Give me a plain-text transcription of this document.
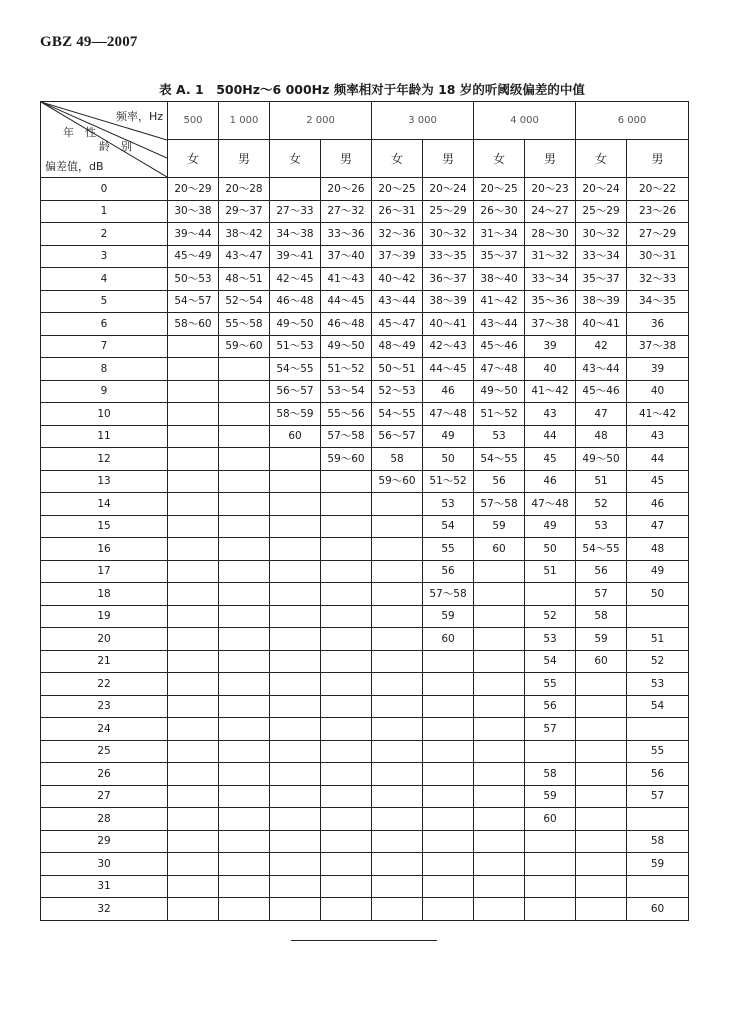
GBZ 49—2007
表 A. 1　500Hz～6 000Hz 频率相对于年龄为 18 岁的听阈级偏差的中值
频率，Hz
年　性
龄　别
偏差值，dB	500	1 000	2 000		3 000		4 000		6 000	
	女	男	女	男	女	男	女	男	女	男
0	20～29	20～28		20～26	20～25	20～24	20～25	20～23	20～24	20～22
1	30～38	29～37	27～33	27～32	26～31	25～29	26～30	24～27	25～29	23～26
2	39～44	38～42	34～38	33～36	32～36	30～32	31～34	28～30	30～32	27～29
3	45～49	43～47	39～41	37～40	37～39	33～35	35～37	31～32	33～34	30～31
4	50～53	48～51	42～45	41～43	40～42	36～37	38～40	33～34	35～37	32～33
5	54～57	52～54	46～48	44～45	43～44	38～39	41～42	35～36	38～39	34～35
6	58～60	55～58	49～50	46～48	45～47	40～41	43～44	37～38	40～41	36
7		59～60	51～53	49～50	48～49	42～43	45～46	39	42	37～38
8			54～55	51～52	50～51	44～45	47～48	40	43～44	39
9			56～57	53～54	52～53	46	49～50	41～42	45～46	40
10			58～59	55～56	54～55	47～48	51～52	43	47	41～42
11			60	57～58	56～57	49	53	44	48	43
12				59～60	58	50	54～55	45	49～50	44
13					59～60	51～52	56	46	51	45
14						53	57～58	47～48	52	46
15						54	59	49	53	47
16						55	60	50	54～55	48
17						56		51	56	49
18						57～58			57	50
19						59		52	58	
20						60		53	59	51
21								54	60	52
22								55		53
23								56		54
24								57		
25										55
26								58		56
27								59		57
28								60		
29										58
30										59
31										
32										60
